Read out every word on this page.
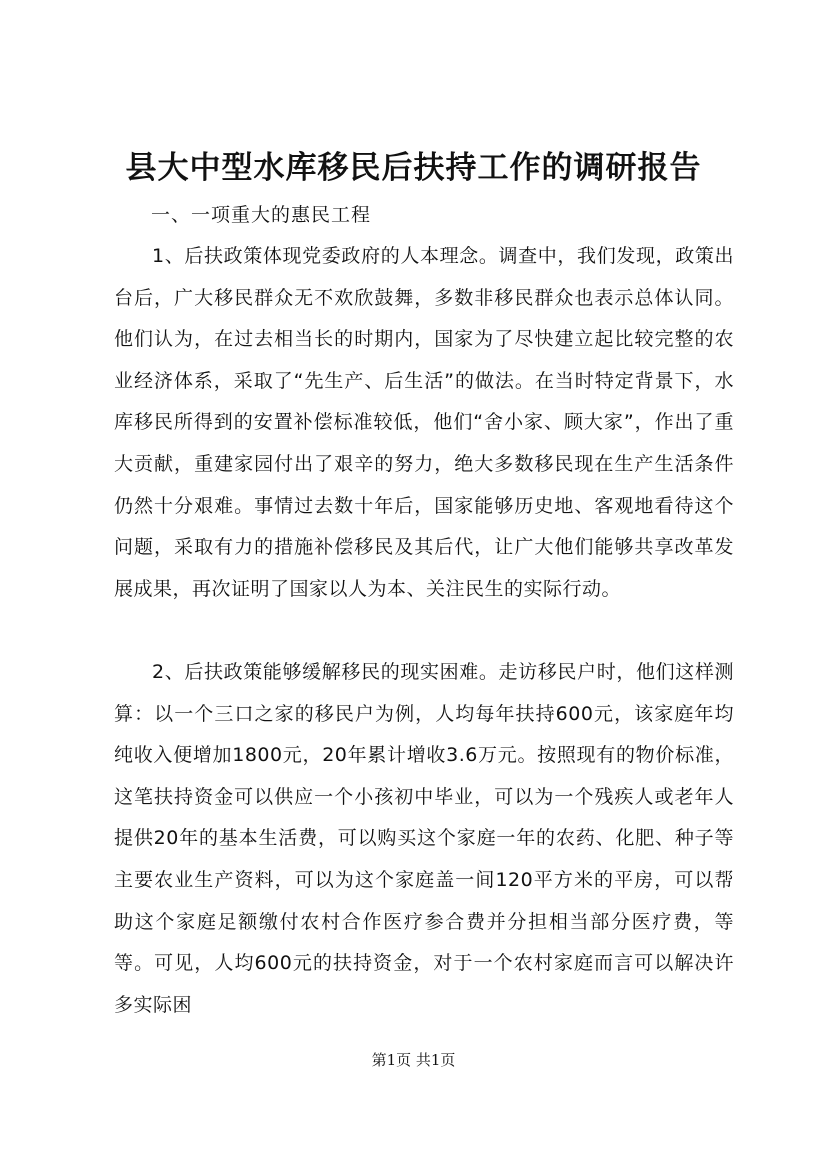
县大中型水库移民后扶持工作的调研报告

一、一项重大的惠民工程

1、后扶政策体现党委政府的人本理念。调查中，我们发现，政策出台后，广大移民群众无不欢欣鼓舞，多数非移民群众也表示总体认同。他们认为，在过去相当长的时期内，国家为了尽快建立起比较完整的农业经济体系，采取了“先生产、后生活”的做法。在当时特定背景下，水库移民所得到的安置补偿标准较低，他们“舍小家、顾大家”，作出了重大贡献，重建家园付出了艰辛的努力，绝大多数移民现在生产生活条件仍然十分艰难。事情过去数十年后，国家能够历史地、客观地看待这个问题，采取有力的措施补偿移民及其后代，让广大他们能够共享改革发展成果，再次证明了国家以人为本、关注民生的实际行动。

2、后扶政策能够缓解移民的现实困难。走访移民户时，他们这样测算：以一个三口之家的移民户为例，人均每年扶持600元，该家庭年均纯收入便增加1800元，20年累计增收3.6万元。按照现有的物价标准，这笔扶持资金可以供应一个小孩初中毕业，可以为一个残疾人或老年人提供20年的基本生活费，可以购买这个家庭一年的农药、化肥、种子等主要农业生产资料，可以为这个家庭盖一间120平方米的平房，可以帮助这个家庭足额缴付农村合作医疗参合费并分担相当部分医疗费，等等。可见，人均600元的扶持资金，对于一个农村家庭而言可以解决许多实际困

第1页 共1页
